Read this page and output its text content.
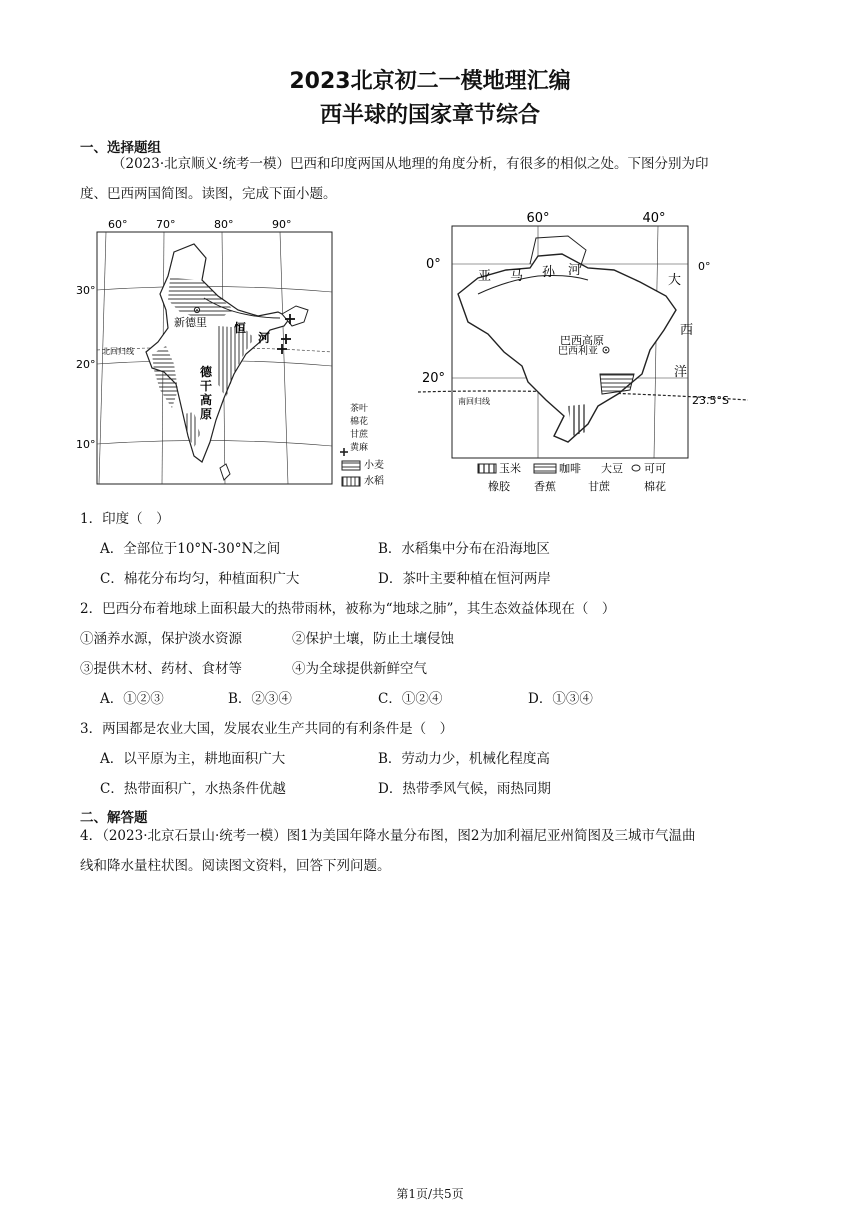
2023北京初二一模地理汇编
西半球的国家章节综合
一、选择题组
（2023·北京顺义·统考一模）巴西和印度两国从地理的角度分析，有很多的相似之处。下图分别为印
度、巴西两国简图。读图，完成下面小题。
60°	70°	80°	90°
30°
20°
10°
北回归线
新德里 恒
河
德
干
高
原	茶叶
棉花
甘蔗
黄麻
小麦
水稻
60°	40°
0°
20°
0°
23.5°S
南回归线
亚 马 孙 河
大
西
洋
巴西高原
巴西利亚
玉米	咖啡 大豆 可可
橡胶 香蕉	甘蔗	棉花
1．印度（　）
A．全部位于10°N-30°N之间	B．水稻集中分布在沿海地区
C．棉花分布均匀，种植面积广大	D．茶叶主要种植在恒河两岸
2．巴西分布着地球上面积最大的热带雨林，被称为“地球之肺”，其生态效益体现在（　）
①涵养水源，保护淡水资源	②保护土壤，防止土壤侵蚀
③提供木材、药材、食材等	④为全球提供新鲜空气
A．①②③	B．②③④	C．①②④	D．①③④
3．两国都是农业大国，发展农业生产共同的有利条件是（　）
A．以平原为主，耕地面积广大	B．劳动力少，机械化程度高
C．热带面积广，水热条件优越	D．热带季风气候，雨热同期
二、解答题
4．（2023·北京石景山·统考一模）图1为美国年降水量分布图，图2为加利福尼亚州简图及三城市气温曲
线和降水量柱状图。阅读图文资料，回答下列问题。
第1页/共5页
